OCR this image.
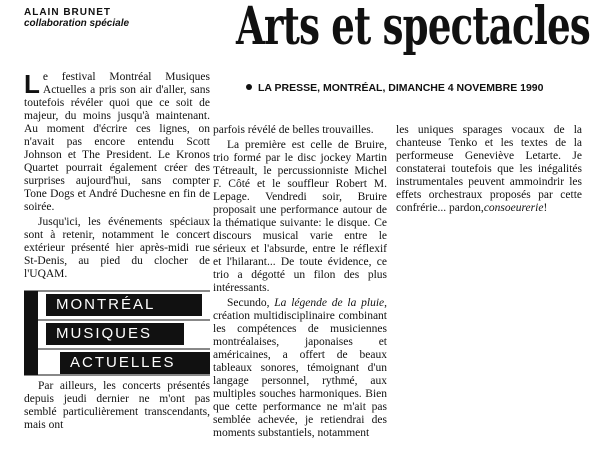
ALAIN BRUNET
collaboration spéciale Arts et spectacles
LA PRESSE, MONTRÉAL, DIMANCHE 4 NOVEMBRE 1990

Le festival Montréal Musiques Actuelles a pris son air d'aller, sans toutefois révéler quoi que ce soit de majeur, du moins jusqu'à maintenant. Au moment d'écrire ces lignes, on n'avait pas encore entendu Scott Johnson et The President. Le Kronos Quartet pourrait également créer des surprises aujourd'hui, sans compter Tone Dogs et André Duchesne en fin de soirée.

Jusqu'ici, les événements spéciaux sont à retenir, notamment le concert extérieur présenté hier après-midi rue St-Denis, au pied du clocher de l'UQAM.

MONTRÉAL
MUSIQUES
ACTUELLES

Par ailleurs, les concerts présentés depuis jeudi dernier ne m'ont pas semblé particulièrement transcendants, mais ont

parfois révélé de belles trouvailles.

La première est celle de Bruire, trio formé par le disc jockey Martin Tétreault, le percussionniste Michel F. Côté et le souffleur Robert M. Lepage. Vendredi soir, Bruire proposait une performance autour de la thématique suivante: le disque. Ce discours musical varie entre le sérieux et l'absurde, entre le réflexif et l'hilarant... De toute évidence, ce trio a dégotté un filon des plus intéressants.

Secundo, La légende de la pluie, création multidisciplinaire combinant les compétences de musiciennes montréalaises, japonaises et américaines, a offert de beaux tableaux sonores, témoignant d'un langage personnel, rythmé, aux multiples souches harmoniques. Bien que cette performance ne m'ait pas semblée achevée, je retiendrai des moments substantiels, notamment

les uniques sparages vocaux de la chanteuse Tenko et les textes de la performeuse Geneviève Letarte. Je constaterai toutefois que les inégalités instrumentales peuvent ammoindrir les effets orchestraux proposés par cette confrérie... pardon,consoeurerie!
